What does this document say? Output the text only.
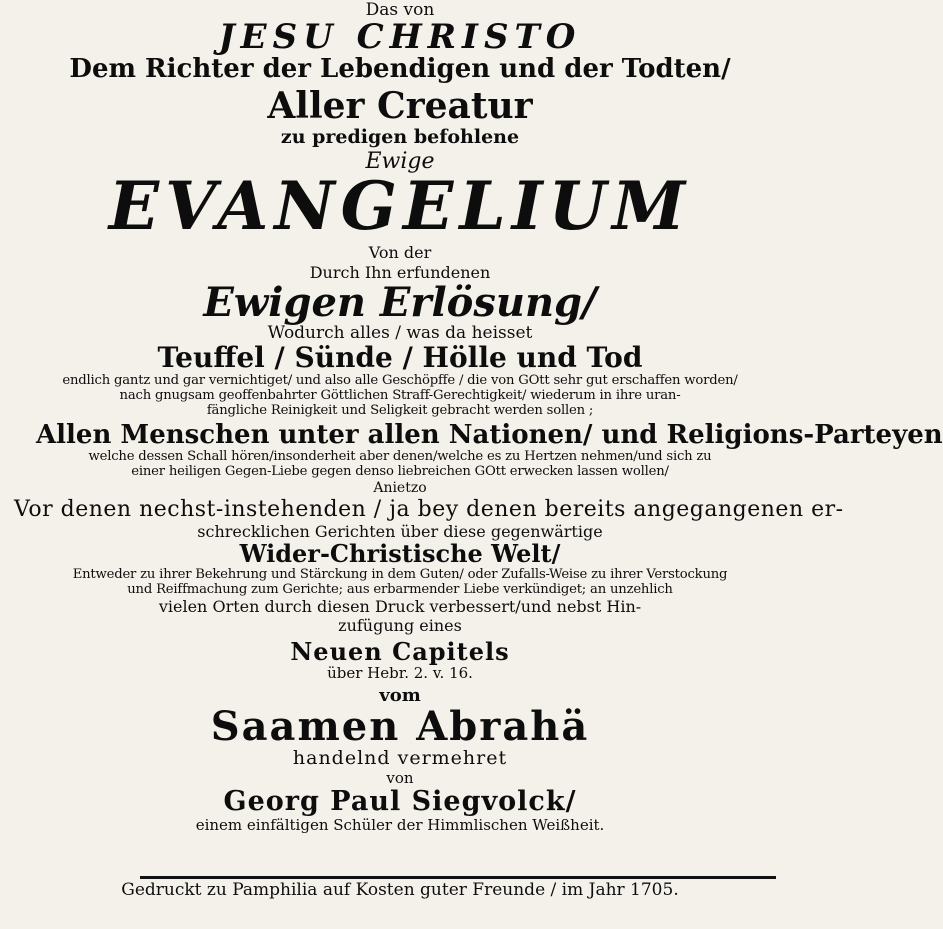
Das von
JESU CHRISTO
Dem Richter der Lebendigen und der Todten/
Aller Creatur
zu predigen befohlene
Ewige
EVANGELIUM
Von der
Durch Ihn erfundenen
Ewigen Erlösung/
Wodurch alles / was da heisset
Teuffel / Sünde / Hölle und Tod
endlich gantz und gar vernichtiget/ und also alle Geschöpffe / die von GOtt sehr gut erschaffen worden/
nach gnugsam geoffenbahrter Göttlichen Straff-Gerechtigkeit/ wiederum in ihre uran-
fängliche Reinigkeit und Seligkeit gebracht werden sollen ;
Allen Menschen unter allen Nationen/ und Religions-Parteyen
welche dessen Schall hören/insonderheit aber denen/welche es zu Hertzen nehmen/und sich zu
einer heiligen Gegen-Liebe gegen denso liebreichen GOtt erwecken lassen wollen/
Anietzo
Vor denen nechst-instehenden / ja bey denen bereits angegangenen er-
schrecklichen Gerichten über diese gegenwärtige
Wider-Christische Welt/
Entweder zu ihrer Bekehrung und Stärckung in dem Guten/ oder Zufalls-Weise zu ihrer Verstockung
und Reiffmachung zum Gerichte; aus erbarmender Liebe verkündiget; an unzehlich
vielen Orten durch diesen Druck verbessert/und nebst Hin-
zufügung eines
Neuen Capitels
über Hebr. 2. v. 16.
vom
Saamen Abrahä
handelnd vermehret
von
Georg Paul Siegvolck/
einem einfältigen Schüler der Himmlischen Weißheit.
Gedruckt zu Pamphilia auf Kosten guter Freunde / im Jahr 1705.
